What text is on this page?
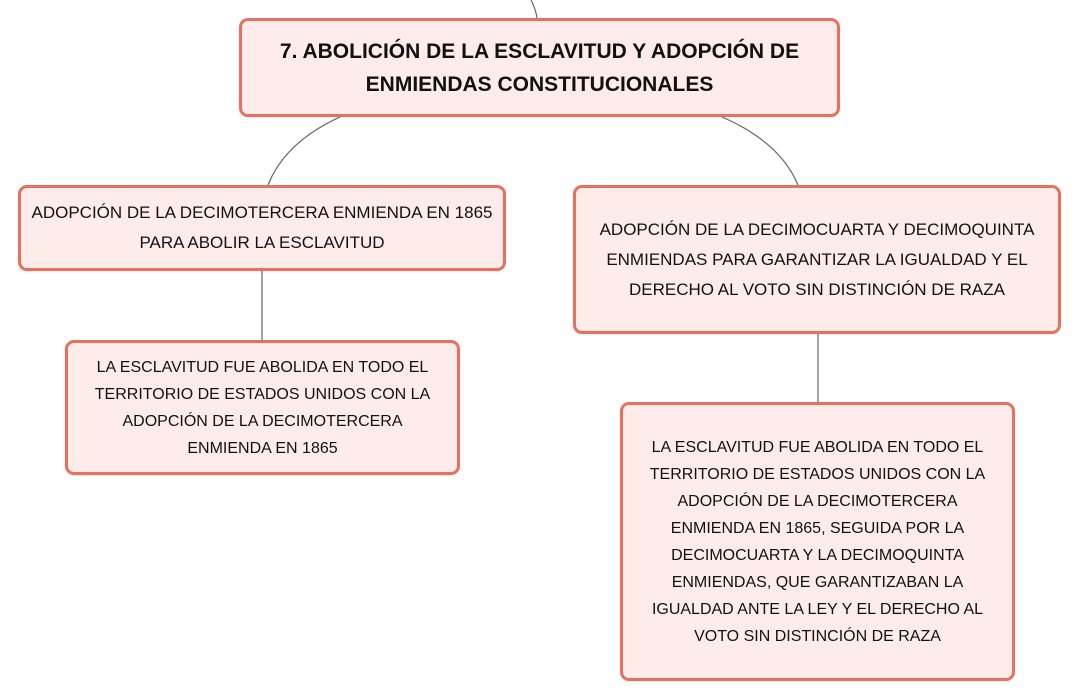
7. ABOLICIÓN DE LA ESCLAVITUD Y ADOPCIÓN DE ENMIENDAS CONSTITUCIONALES
ADOPCIÓN DE LA DECIMOTERCERA ENMIENDA EN 1865 PARA ABOLIR LA ESCLAVITUD
ADOPCIÓN DE LA DECIMOCUARTA Y DECIMOQUINTA ENMIENDAS PARA GARANTIZAR LA IGUALDAD Y EL DERECHO AL VOTO SIN DISTINCIÓN DE RAZA
LA ESCLAVITUD FUE ABOLIDA EN TODO EL TERRITORIO DE ESTADOS UNIDOS CON LA ADOPCIÓN DE LA DECIMOTERCERA ENMIENDA EN 1865	LA ESCLAVITUD FUE ABOLIDA EN TODO EL TERRITORIO DE ESTADOS UNIDOS CON LA ADOPCIÓN DE LA DECIMOTERCERA ENMIENDA EN 1865, SEGUIDA POR LA DECIMOCUARTA Y LA DECIMOQUINTA ENMIENDAS, QUE GARANTIZABAN LA IGUALDAD ANTE LA LEY Y EL DERECHO AL VOTO SIN DISTINCIÓN DE RAZA
